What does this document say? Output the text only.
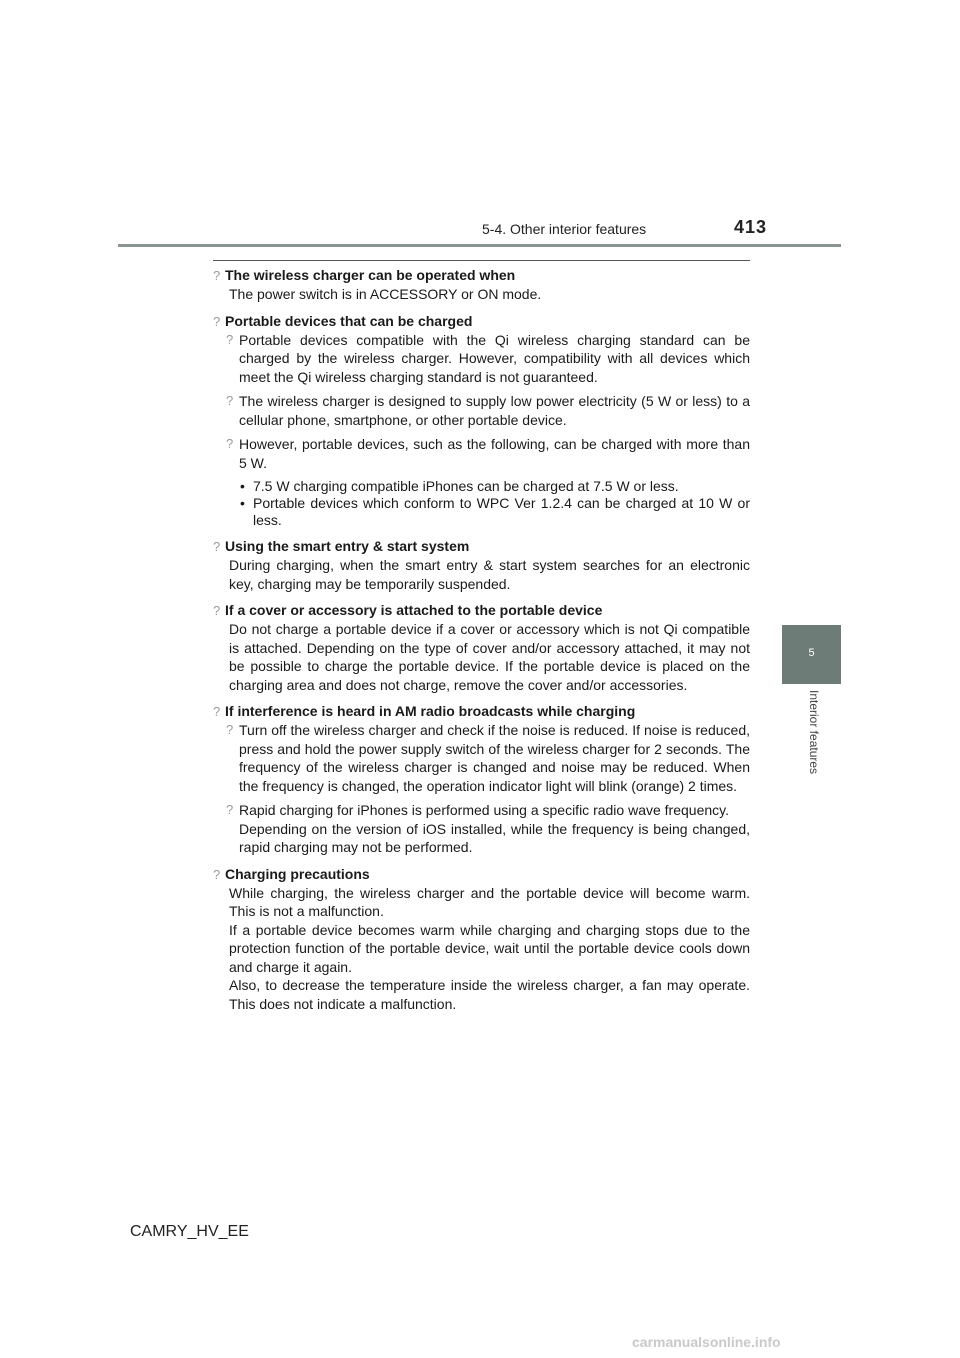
5-4. Other interior features	413
5
Interior features
? The wireless charger can be operated when

The power switch is in ACCESSORY or ON mode.

? Portable devices that can be charged
? Portable devices compatible with the Qi wireless charging standard can be charged by the wireless charger. However, compatibility with all devices which meet the Qi wireless charging standard is not guaranteed.

? The wireless charger is designed to supply low power electricity (5 W or less) to a cellular phone, smartphone, or other portable device.

? However, portable devices, such as the following, can be charged with more than 5 W.

• 7.5 W charging compatible iPhones can be charged at 7.5 W or less.
• Portable devices which conform to WPC Ver 1.2.4 can be charged at 10 W or less.
? Using the smart entry & start system

During charging, when the smart entry & start system searches for an electronic key, charging may be temporarily suspended.

? If a cover or accessory is attached to the portable device

Do not charge a portable device if a cover or accessory which is not Qi compatible is attached. Depending on the type of cover and/or accessory attached, it may not be possible to charge the portable device. If the portable device is placed on the charging area and does not charge, remove the cover and/or accessories.

? If interference is heard in AM radio broadcasts while charging
? Turn off the wireless charger and check if the noise is reduced. If noise is reduced, press and hold the power supply switch of the wireless charger for 2 seconds. The frequency of the wireless charger is changed and noise may be reduced. When the frequency is changed, the operation indicator light will blink (orange) 2 times.

? Rapid charging for iPhones is performed using a specific radio wave frequency.

Depending on the version of iOS installed, while the frequency is being changed, rapid charging may not be performed.

? Charging precautions

While charging, the wireless charger and the portable device will become warm. This is not a malfunction.

If a portable device becomes warm while charging and charging stops due to the protection function of the portable device, wait until the portable device cools down and charge it again.

Also, to decrease the temperature inside the wireless charger, a fan may operate. This does not indicate a malfunction.

CAMRY_HV_EE
carmanualsonline.info
